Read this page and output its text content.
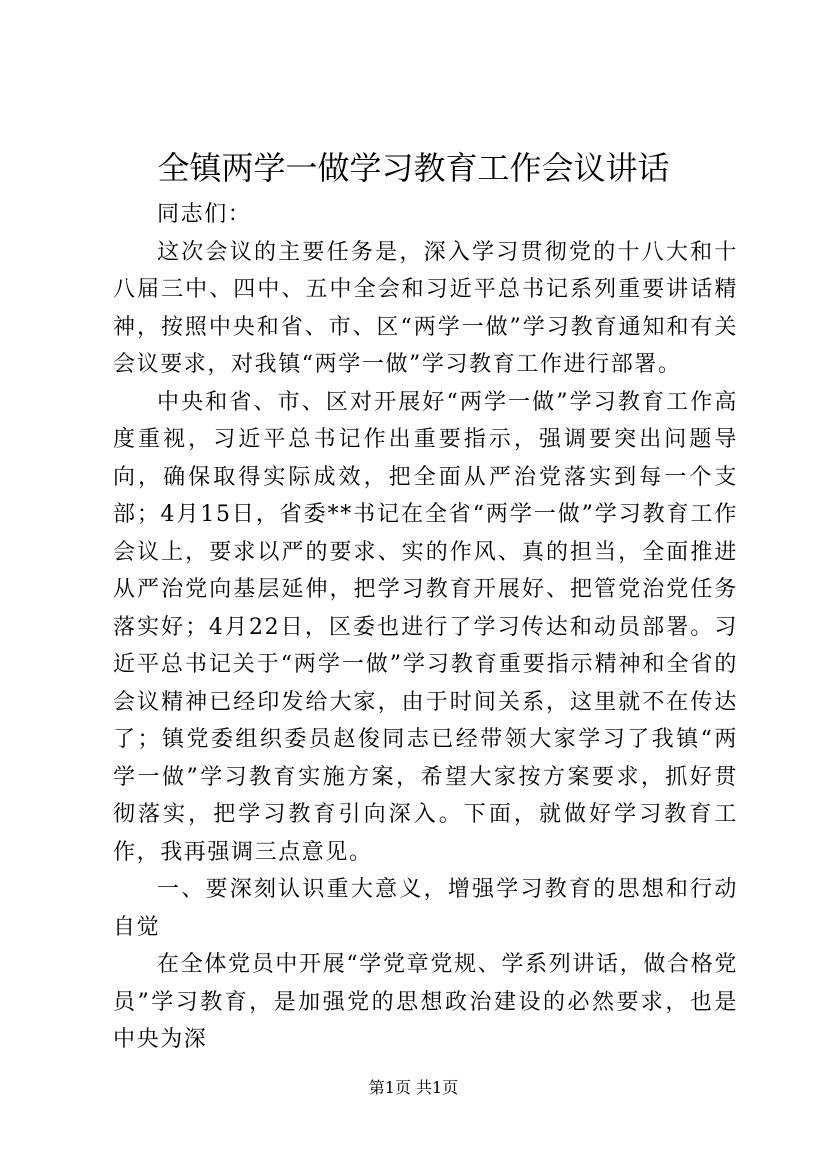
全镇两学一做学习教育工作会议讲话

同志们：

这次会议的主要任务是，深入学习贯彻党的十八大和十八届三中、四中、五中全会和习近平总书记系列重要讲话精神，按照中央和省、市、区“两学一做”学习教育通知和有关会议要求，对我镇“两学一做”学习教育工作进行部署。

中央和省、市、区对开展好“两学一做”学习教育工作高度重视，习近平总书记作出重要指示，强调要突出问题导向，确保取得实际成效，把全面从严治党落实到每一个支部；4月15日，省委**书记在全省“两学一做”学习教育工作会议上，要求以严的要求、实的作风、真的担当，全面推进从严治党向基层延伸，把学习教育开展好、把管党治党任务落实好；4月22日，区委也进行了学习传达和动员部署。习近平总书记关于“两学一做”学习教育重要指示精神和全省的会议精神已经印发给大家，由于时间关系，这里就不在传达了；镇党委组织委员赵俊同志已经带领大家学习了我镇“两学一做”学习教育实施方案，希望大家按方案要求，抓好贯彻落实，把学习教育引向深入。下面，就做好学习教育工作，我再强调三点意见。

一、要深刻认识重大意义，增强学习教育的思想和行动自觉

在全体党员中开展“学党章党规、学系列讲话，做合格党员”学习教育，是加强党的思想政治建设的必然要求，也是中央为深

第1页 共1页
